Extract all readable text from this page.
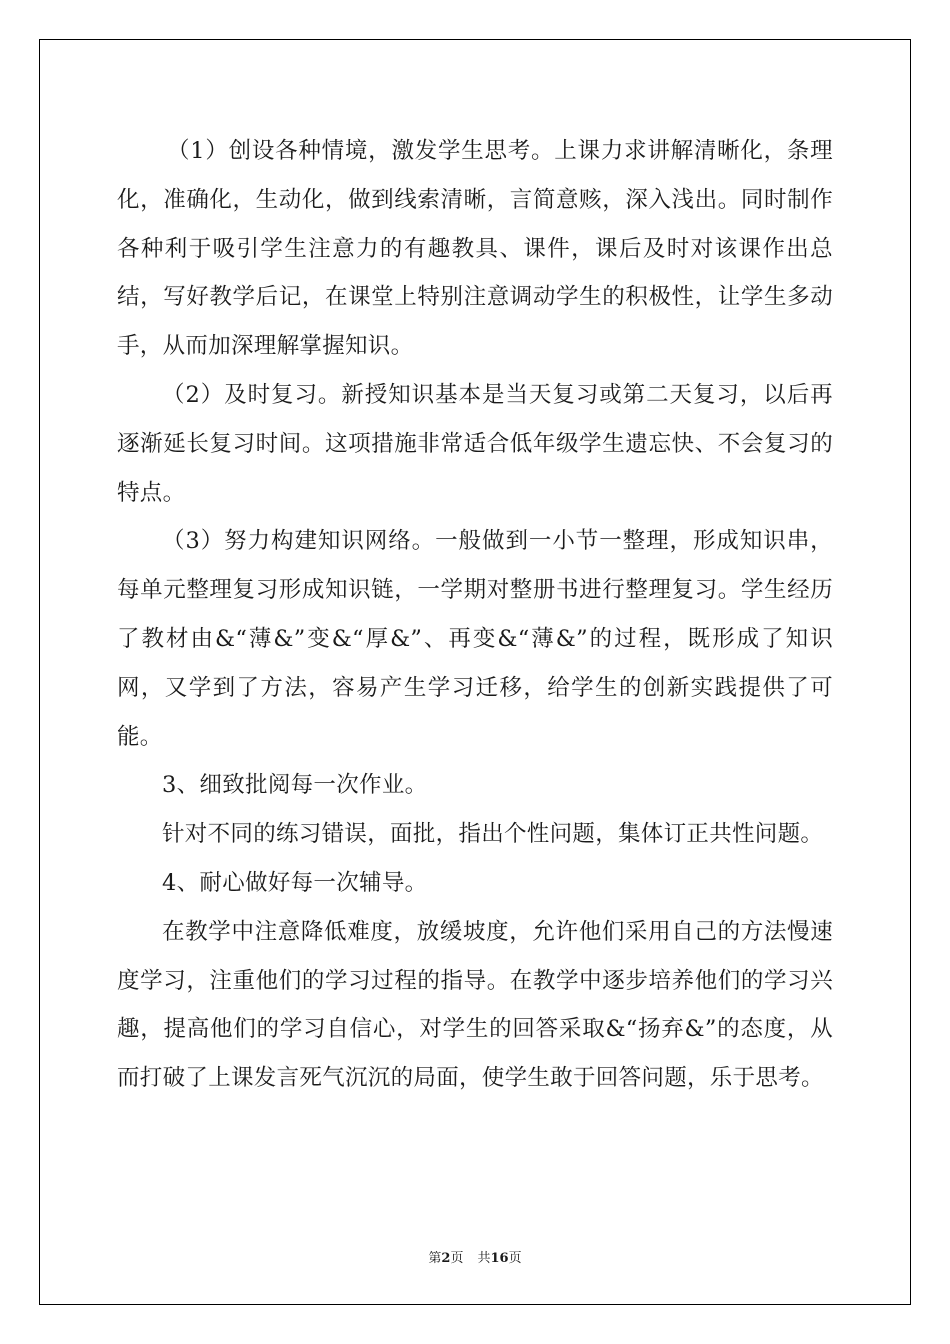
（1）创设各种情境，激发学生思考。上课力求讲解清晰化，条理化，准确化，生动化，做到线索清晰，言简意赅，深入浅出。同时制作各种利于吸引学生注意力的有趣教具、课件，课后及时对该课作出总结，写好教学后记，在课堂上特别注意调动学生的积极性，让学生多动手，从而加深理解掌握知识。

（2）及时复习。新授知识基本是当天复习或第二天复习，以后再逐渐延长复习时间。这项措施非常适合低年级学生遗忘快、不会复习的特点。

（3）努力构建知识网络。一般做到一小节一整理，形成知识串，每单元整理复习形成知识链，一学期对整册书进行整理复习。学生经历了教材由&“薄&”变&“厚&”、再变&“薄&”的过程，既形成了知识网，又学到了方法，容易产生学习迁移，给学生的创新实践提供了可能。

3、细致批阅每一次作业。

针对不同的练习错误，面批，指出个性问题，集体订正共性问题。

4、耐心做好每一次辅导。

在教学中注意降低难度，放缓坡度，允许他们采用自己的方法慢速度学习，注重他们的学习过程的指导。在教学中逐步培养他们的学习兴趣，提高他们的学习自信心，对学生的回答采取&“扬弃&”的态度，从而打破了上课发言死气沉沉的局面，使学生敢于回答问题，乐于思考。

第2页 共16页
